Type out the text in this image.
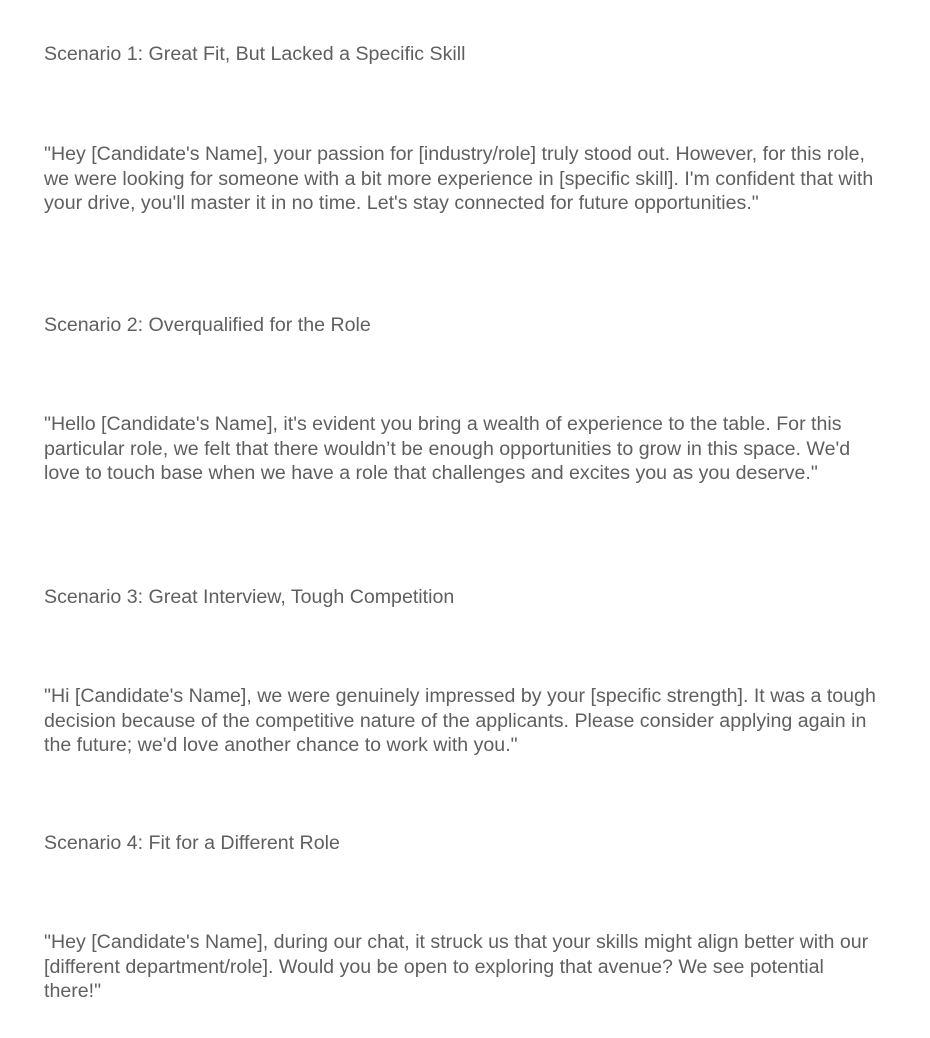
Scenario 1: Great Fit, But Lacked a Specific Skill

"Hey [Candidate's Name], your passion for [industry/role] truly stood out. However, for this role, we were looking for someone with a bit more experience in [specific skill]. I'm confident that with your drive, you'll master it in no time. Let's stay connected for future opportunities."

Scenario 2: Overqualified for the Role

"Hello [Candidate's Name], it's evident you bring a wealth of experience to the table. For this particular role, we felt that there wouldn’t be enough opportunities to grow in this space. We'd love to touch base when we have a role that challenges and excites you as you deserve."

Scenario 3: Great Interview, Tough Competition

"Hi [Candidate's Name], we were genuinely impressed by your [specific strength]. It was a tough decision because of the competitive nature of the applicants. Please consider applying again in the future; we'd love another chance to work with you."

Scenario 4: Fit for a Different Role

"Hey [Candidate's Name], during our chat, it struck us that your skills might align better with our [different department/role]. Would you be open to exploring that avenue? We see potential there!"
